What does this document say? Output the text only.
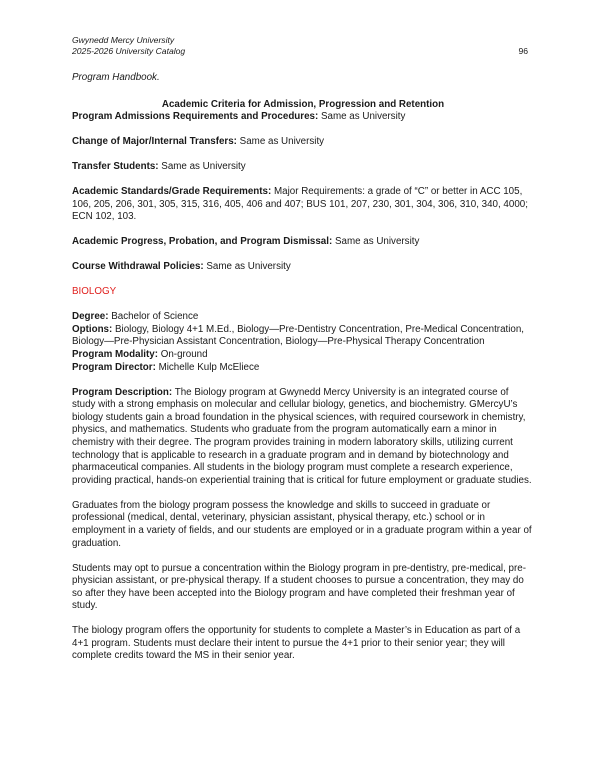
Gwynedd Mercy University
2025-2026 University Catalog	96

Program Handbook.

Academic Criteria for Admission, Progression and Retention

Program Admissions Requirements and Procedures: Same as University

Change of Major/Internal Transfers: Same as University

Transfer Students: Same as University

Academic Standards/Grade Requirements: Major Requirements: a grade of “C” or better in ACC 105, 106, 205, 206, 301, 305, 315, 316, 405, 406 and 407; BUS 101, 207, 230, 301, 304, 306, 310, 340, 4000; ECN 102, 103.

Academic Progress, Probation, and Program Dismissal: Same as University

Course Withdrawal Policies: Same as University

BIOLOGY

Degree: Bachelor of Science

Options: Biology, Biology 4+1 M.Ed., Biology—Pre-Dentistry Concentration, Pre-Medical Concentration, Biology—Pre-Physician Assistant Concentration, Biology—Pre-Physical Therapy Concentration

Program Modality: On-ground

Program Director: Michelle Kulp McEliece

Program Description: The Biology program at Gwynedd Mercy University is an integrated course of study with a strong emphasis on molecular and cellular biology, genetics, and biochemistry. GMercyU’s biology students gain a broad foundation in the physical sciences, with required coursework in chemistry, physics, and mathematics. Students who graduate from the program automatically earn a minor in chemistry with their degree. The program provides training in modern laboratory skills, utilizing current technology that is applicable to research in a graduate program and in demand by biotechnology and pharmaceutical companies. All students in the biology program must complete a research experience, providing practical, hands-on experiential training that is critical for future employment or graduate studies.

Graduates from the biology program possess the knowledge and skills to succeed in graduate or professional (medical, dental, veterinary, physician assistant, physical therapy, etc.) school or in employment in a variety of fields, and our students are employed or in a graduate program within a year of graduation.

Students may opt to pursue a concentration within the Biology program in pre-dentistry, pre-medical, pre-physician assistant, or pre-physical therapy. If a student chooses to pursue a concentration, they may do so after they have been accepted into the Biology program and have completed their freshman year of study.

The biology program offers the opportunity for students to complete a Master’s in Education as part of a 4+1 program. Students must declare their intent to pursue the 4+1 prior to their senior year; they will complete credits toward the MS in their senior year.
